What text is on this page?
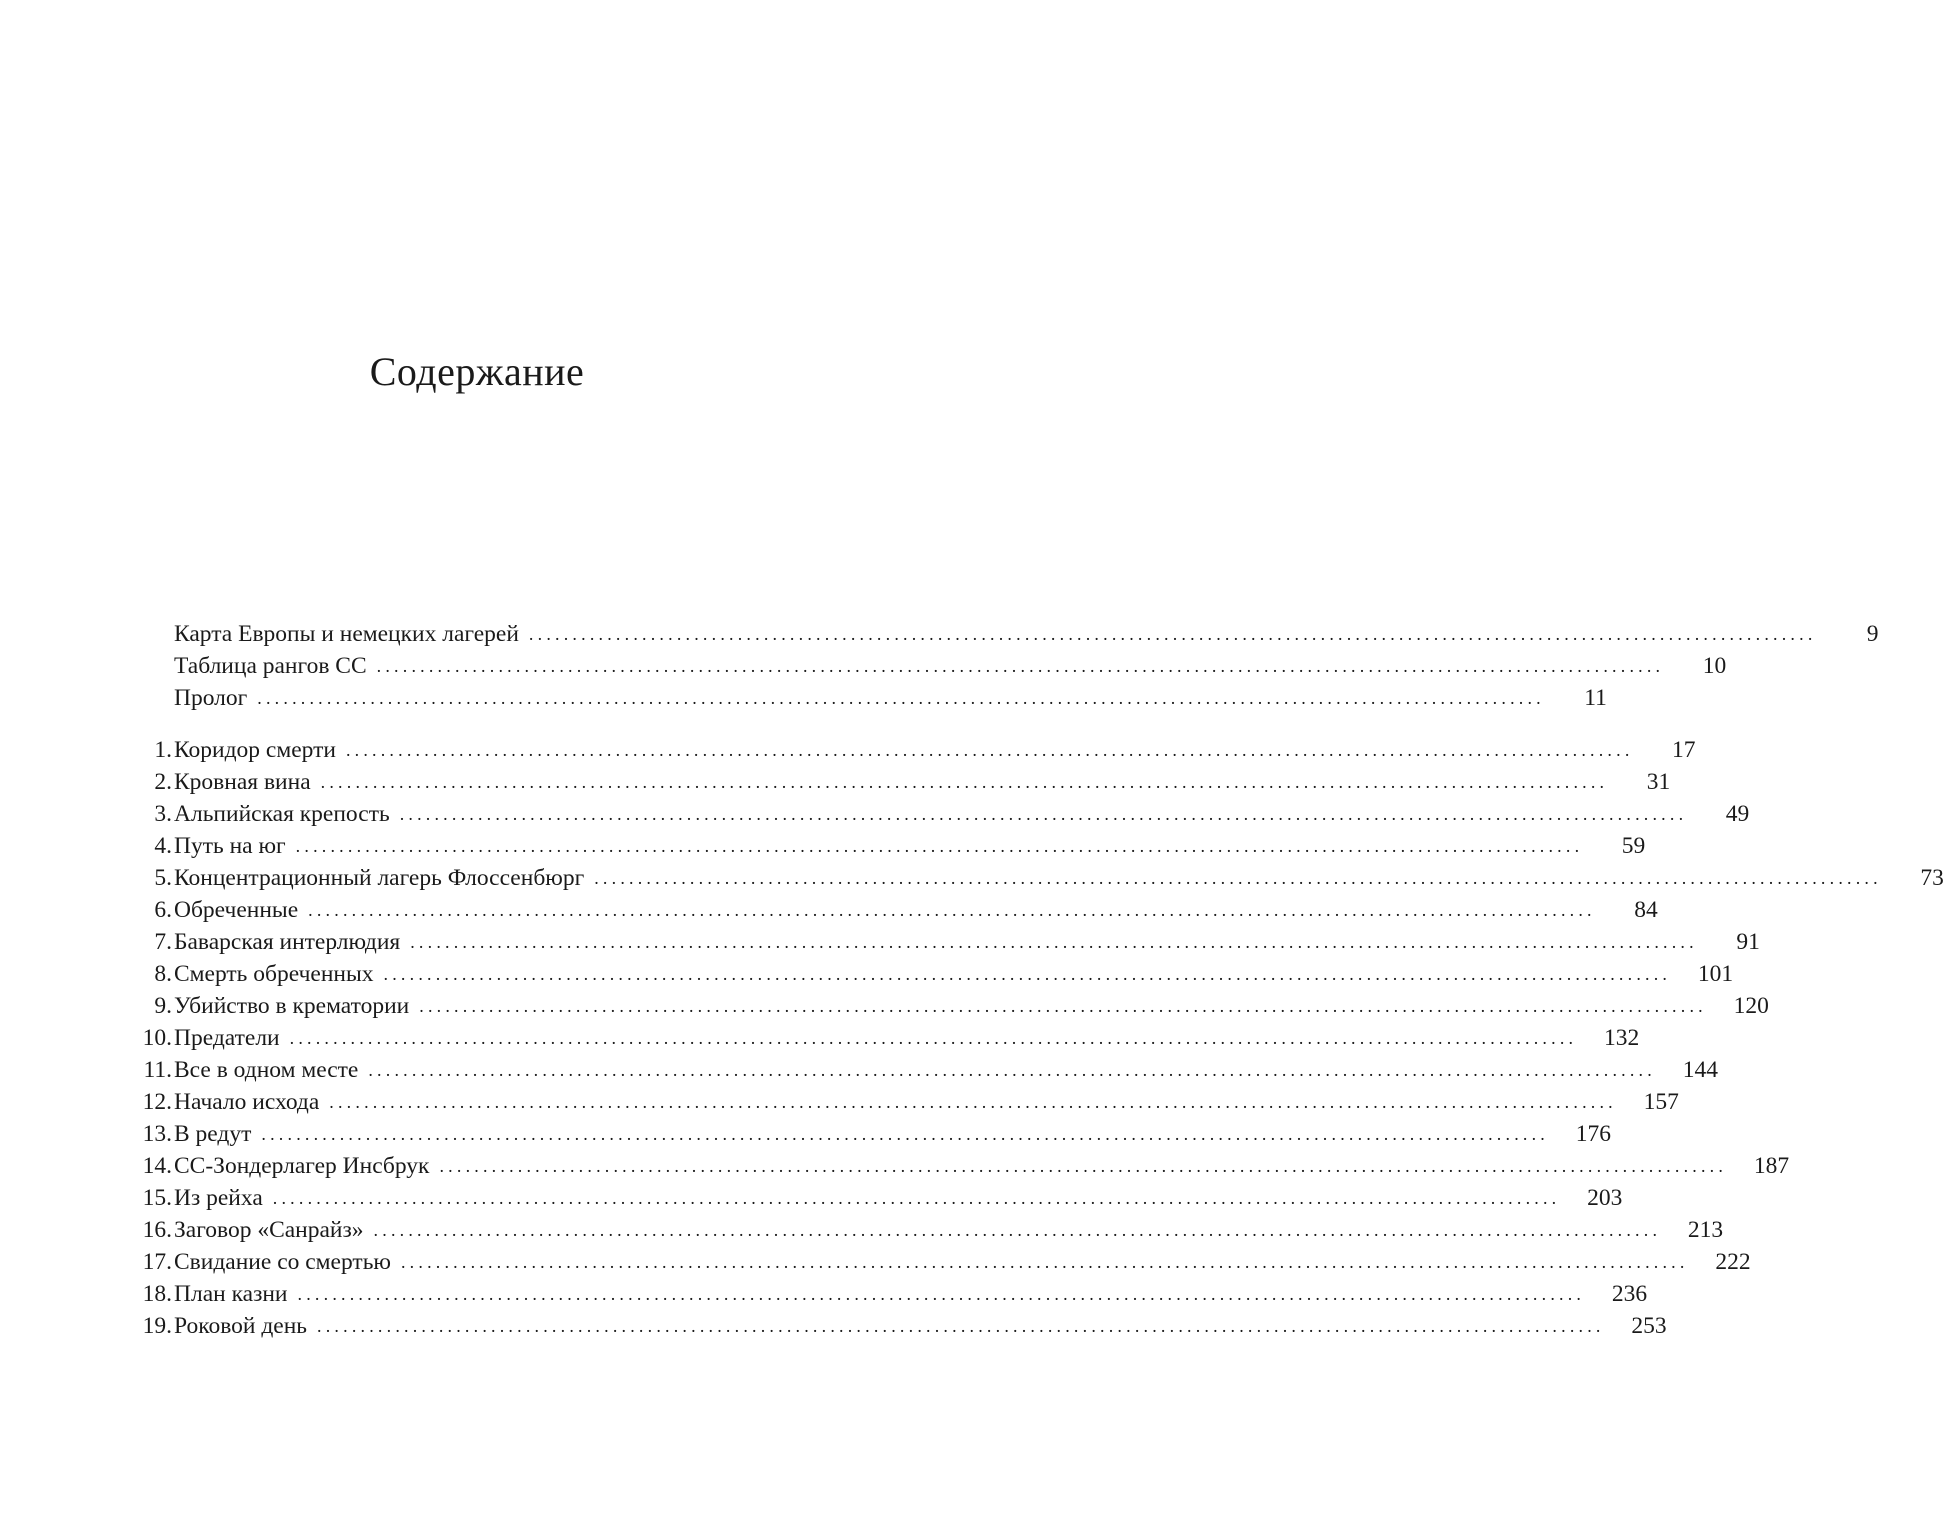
Содержание
Карта Европы и немецких лагерей ....................................................................................................................................................	9
Таблица рангов СС ....................................................................................................................................................	10
Пролог ....................................................................................................................................................	11
1. Коридор смерти ....................................................................................................................................................	17
2. Кровная вина ....................................................................................................................................................	31
3. Альпийская крепость ....................................................................................................................................................	49
4. Путь на юг ....................................................................................................................................................	59
5. Концентрационный лагерь Флоссенбюрг ....................................................................................................................................................	73
6. Обреченные ....................................................................................................................................................	84
7. Баварская интерлюдия ....................................................................................................................................................	91
8. Смерть обреченных ....................................................................................................................................................	101
9. Убийство в крематории ....................................................................................................................................................	120
10. Предатели ....................................................................................................................................................	132
11. Все в одном месте ....................................................................................................................................................	144
12. Начало исхода ....................................................................................................................................................	157
13. В редут ....................................................................................................................................................	176
14. СС-Зондерлагер Инсбрук ....................................................................................................................................................	187
15. Из рейха ....................................................................................................................................................	203
16. Заговор «Санрайз» ....................................................................................................................................................	213
17. Свидание со смертью ....................................................................................................................................................	222
18. План казни ....................................................................................................................................................	236
19. Роковой день ....................................................................................................................................................	253
